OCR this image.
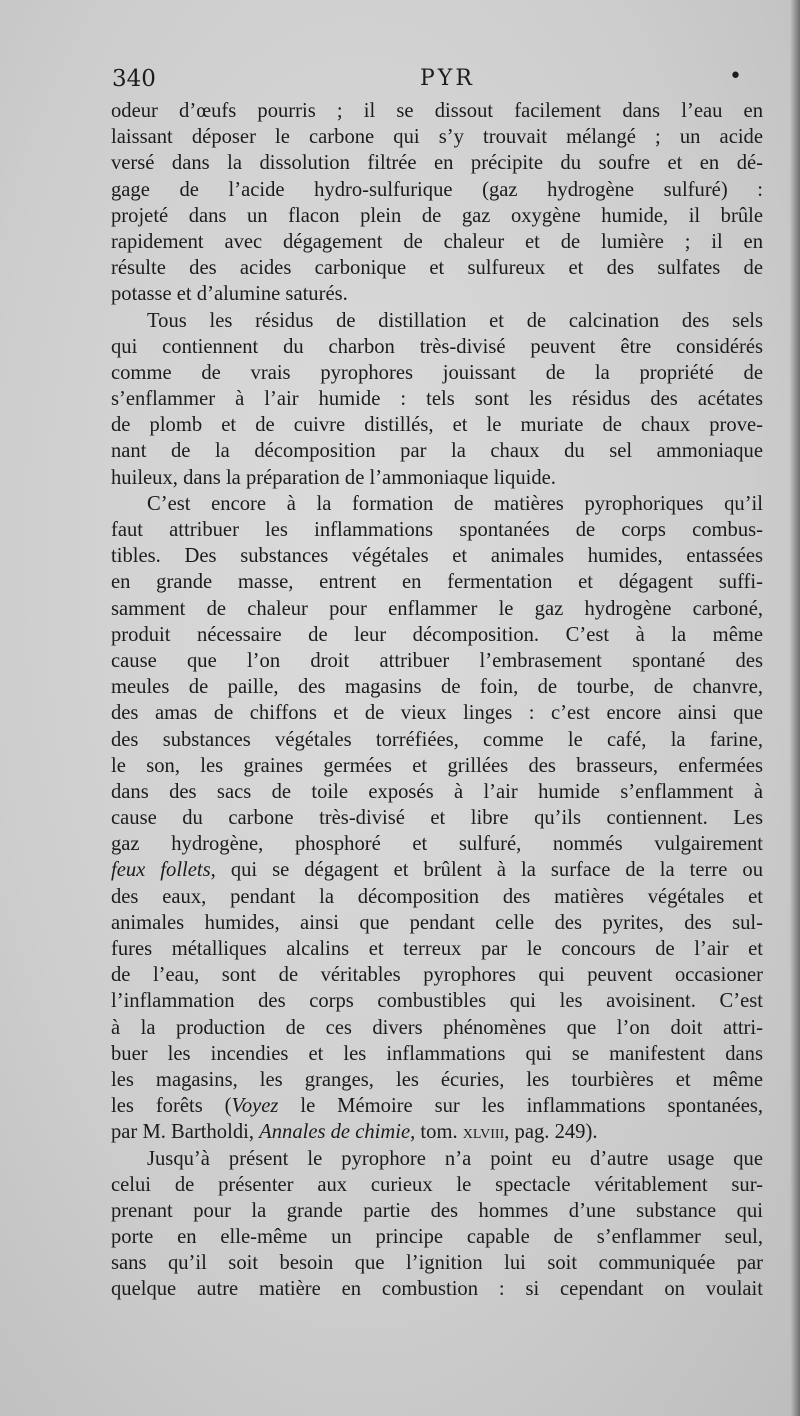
340	PYR	•
odeur d’œufs pourris ; il se dissout facilement dans l’eau en
laissant déposer le carbone qui s’y trouvait mélangé ; un acide
versé dans la dissolution filtrée en précipite du soufre et en dé-
gage de l’acide hydro-sulfurique (gaz hydrogène sulfuré) :
projeté dans un flacon plein de gaz oxygène humide, il brûle
rapidement avec dégagement de chaleur et de lumière ; il en
résulte des acides carbonique et sulfureux et des sulfates de
potasse et d’alumine saturés.
Tous les résidus de distillation et de calcination des sels
qui contiennent du charbon très-divisé peuvent être considérés
comme de vrais pyrophores jouissant de la propriété de
s’enflammer à l’air humide : tels sont les résidus des acétates
de plomb et de cuivre distillés, et le muriate de chaux prove-
nant de la décomposition par la chaux du sel ammoniaque
huileux, dans la préparation de l’ammoniaque liquide.
C’est encore à la formation de matières pyrophoriques qu’il
faut attribuer les inflammations spontanées de corps combus-
tibles. Des substances végétales et animales humides, entassées
en grande masse, entrent en fermentation et dégagent suffi-
samment de chaleur pour enflammer le gaz hydrogène carboné,
produit nécessaire de leur décomposition. C’est à la même
cause que l’on droit attribuer l’embrasement spontané des
meules de paille, des magasins de foin, de tourbe, de chanvre,
des amas de chiffons et de vieux linges : c’est encore ainsi que
des substances végétales torréfiées, comme le café, la farine,
le son, les graines germées et grillées des brasseurs, enfermées
dans des sacs de toile exposés à l’air humide s’enflamment à
cause du carbone très-divisé et libre qu’ils contiennent. Les
gaz hydrogène, phosphoré et sulfuré, nommés vulgairement
feux follets, qui se dégagent et brûlent à la surface de la terre ou
des eaux, pendant la décomposition des matières végétales et
animales humides, ainsi que pendant celle des pyrites, des sul-
fures métalliques alcalins et terreux par le concours de l’air et
de l’eau, sont de véritables pyrophores qui peuvent occasioner
l’inflammation des corps combustibles qui les avoisinent. C’est
à la production de ces divers phénomènes que l’on doit attri-
buer les incendies et les inflammations qui se manifestent dans
les magasins, les granges, les écuries, les tourbières et même
les forêts (Voyez le Mémoire sur les inflammations spontanées,
par M. Bartholdi, Annales de chimie, tom. xlviii, pag. 249).
Jusqu’à présent le pyrophore n’a point eu d’autre usage que
celui de présenter aux curieux le spectacle véritablement sur-
prenant pour la grande partie des hommes d’une substance qui
porte en elle-même un principe capable de s’enflammer seul,
sans qu’il soit besoin que l’ignition lui soit communiquée par
quelque autre matière en combustion : si cependant on voulait
